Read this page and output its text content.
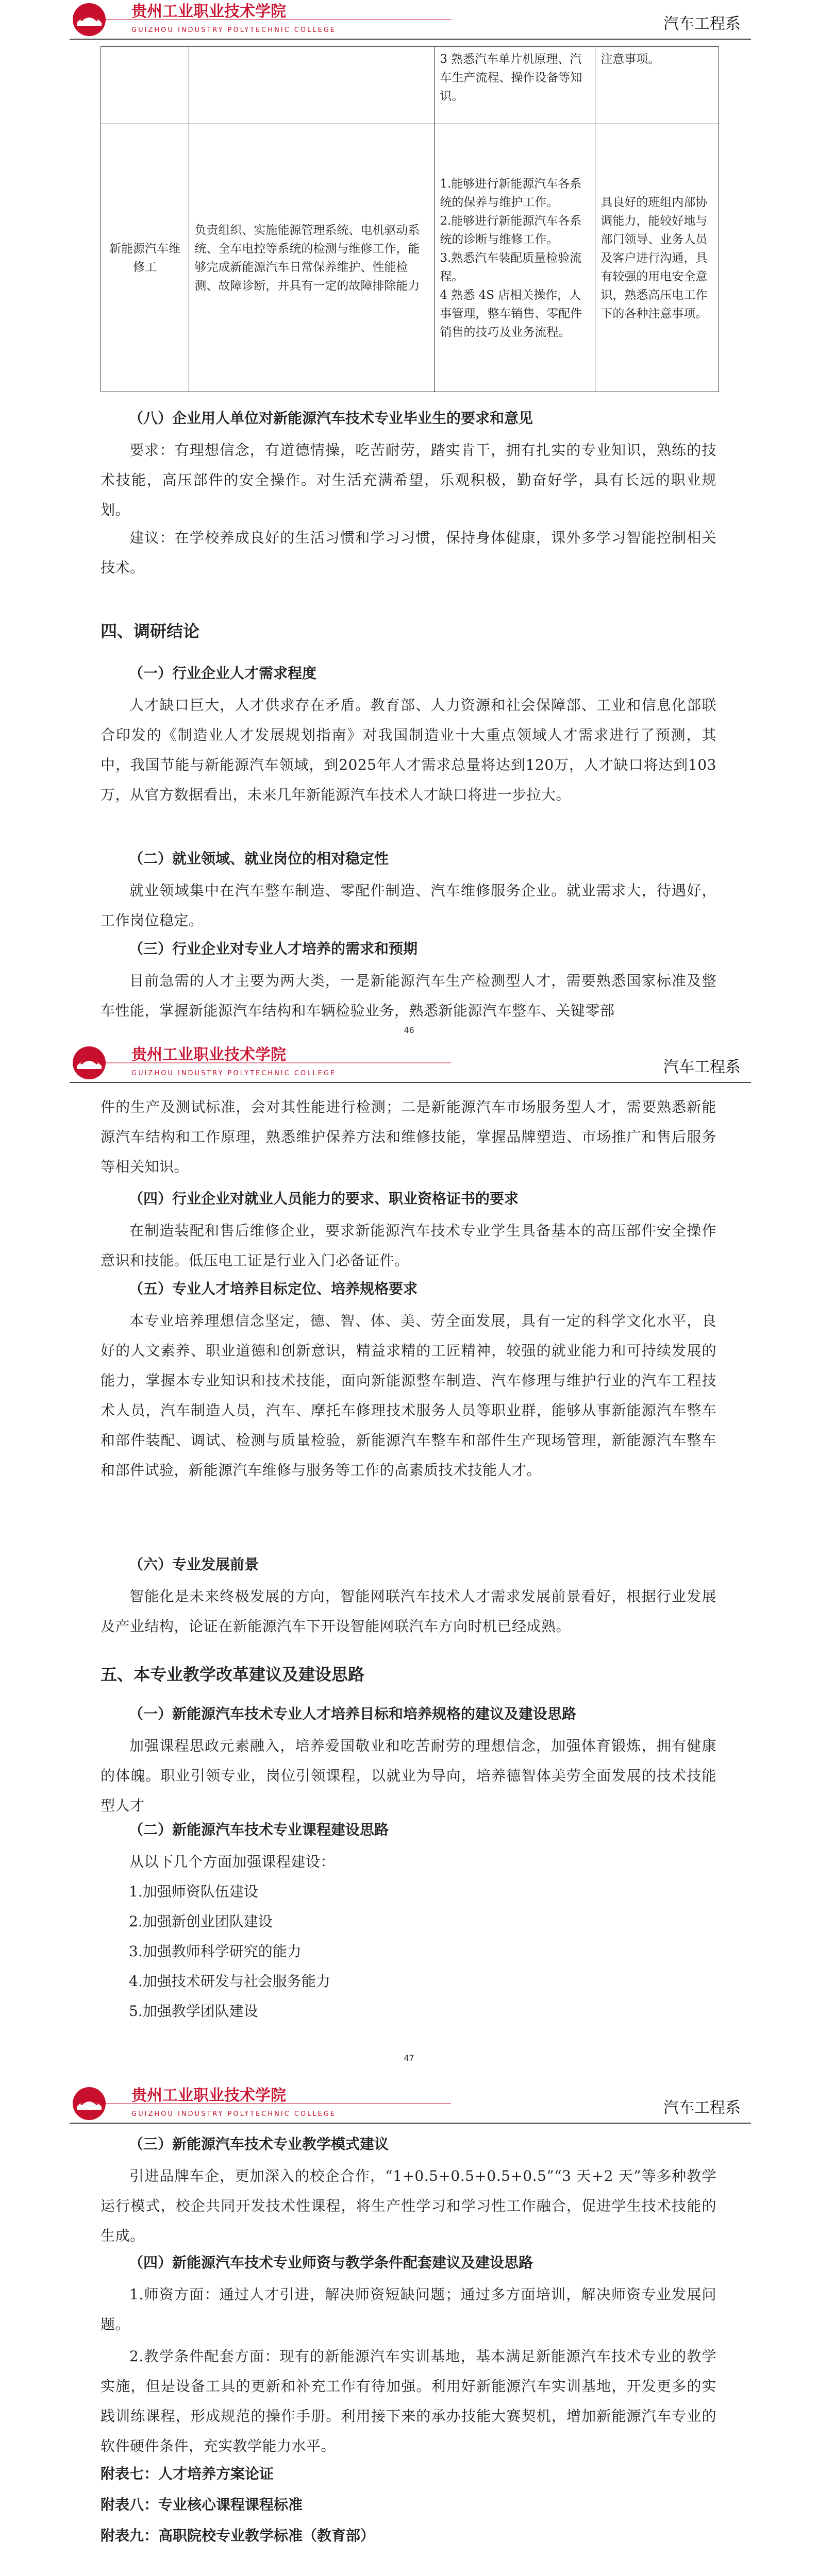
贵州工业职业技术学院
GUIZHOU INDUSTRY POLYTECHNIC COLLEGE	汽车工程系

		3 熟悉汽车单片机原理、汽车生产流程、操作设备等知识。	注意事项。

新能源汽车维修工	负责组织、实施能源管理系统、电机驱动系统、全车电控等系统的检测与维修工作，能够完成新能源汽车日常保养维护、性能检测、故障诊断，并具有一定的故障排除能力	1.能够进行新能源汽车各系统的保养与维护工作。
2.能够进行新能源汽车各系统的诊断与维修工作。
3.熟悉汽车装配质量检验流程。
4 熟悉 4S 店相关操作，人事管理，整车销售、零配件销售的技巧及业务流程。	具良好的班组内部协调能力，能较好地与部门领导、业务人员及客户进行沟通，具有较强的用电安全意识，熟悉高压电工作下的各种注意事项。
（八）企业用人单位对新能源汽车技术专业毕业生的要求和意见

要求：有理想信念，有道德情操，吃苦耐劳，踏实肯干，拥有扎实的专业知识，熟练的技术技能，高压部件的安全操作。对生活充满希望，乐观积极，勤奋好学，具有长远的职业规划。

建议：在学校养成良好的生活习惯和学习习惯，保持身体健康，课外多学习智能控制相关技术。

四、调研结论
（一）行业企业人才需求程度

人才缺口巨大，人才供求存在矛盾。教育部、人力资源和社会保障部、工业和信息化部联合印发的《制造业人才发展规划指南》对我国制造业十大重点领域人才需求进行了预测，其中，我国节能与新能源汽车领域，到2025年人才需求总量将达到120万，人才缺口将达到103万，从官方数据看出，未来几年新能源汽车技术人才缺口将进一步拉大。

（二）就业领域、就业岗位的相对稳定性

就业领域集中在汽车整车制造、零配件制造、汽车维修服务企业。就业需求大，待遇好，工作岗位稳定。

（三）行业企业对专业人才培养的需求和预期

目前急需的人才主要为两大类，一是新能源汽车生产检测型人才，需要熟悉国家标准及整车性能，掌握新能源汽车结构和车辆检验业务，熟悉新能源汽车整车、关键零部

46
贵州工业职业技术学院
GUIZHOU INDUSTRY POLYTECHNIC COLLEGE	汽车工程系

件的生产及测试标准，会对其性能进行检测；二是新能源汽车市场服务型人才，需要熟悉新能源汽车结构和工作原理，熟悉维护保养方法和维修技能，掌握品牌塑造、市场推广和售后服务等相关知识。

（四）行业企业对就业人员能力的要求、职业资格证书的要求

在制造装配和售后维修企业，要求新能源汽车技术专业学生具备基本的高压部件安全操作意识和技能。低压电工证是行业入门必备证件。

（五）专业人才培养目标定位、培养规格要求

本专业培养理想信念坚定，德、智、体、美、劳全面发展，具有一定的科学文化水平，良好的人文素养、职业道德和创新意识，精益求精的工匠精神，较强的就业能力和可持续发展的能力，掌握本专业知识和技术技能，面向新能源整车制造、汽车修理与维护行业的汽车工程技术人员，汽车制造人员，汽车、摩托车修理技术服务人员等职业群，能够从事新能源汽车整车和部件装配、调试、检测与质量检验，新能源汽车整车和部件生产现场管理，新能源汽车整车和部件试验，新能源汽车维修与服务等工作的高素质技术技能人才。

（六）专业发展前景

智能化是未来终极发展的方向，智能网联汽车技术人才需求发展前景看好，根据行业发展及产业结构，论证在新能源汽车下开设智能网联汽车方向时机已经成熟。

五、本专业教学改革建议及建设思路
（一）新能源汽车技术专业人才培养目标和培养规格的建议及建设思路

加强课程思政元素融入，培养爱国敬业和吃苦耐劳的理想信念，加强体育锻炼，拥有健康的体魄。职业引领专业，岗位引领课程，以就业为导向，培养德智体美劳全面发展的技术技能型人才

（二）新能源汽车技术专业课程建设思路

从以下几个方面加强课程建设：

1.加强师资队伍建设

2.加强新创业团队建设

3.加强教师科学研究的能力

4.加强技术研发与社会服务能力

5.加强教学团队建设

47
贵州工业职业技术学院
GUIZHOU INDUSTRY POLYTECHNIC COLLEGE	汽车工程系
（三）新能源汽车技术专业教学模式建议

引进品牌车企，更加深入的校企合作，“1+0.5+0.5+0.5+0.5”“3 天+2 天”等多种教学运行模式，校企共同开发技术性课程，将生产性学习和学习性工作融合，促进学生技术技能的生成。

（四）新能源汽车技术专业师资与教学条件配套建议及建设思路

1.师资方面：通过人才引进，解决师资短缺问题；通过多方面培训，解决师资专业发展问题。

2.教学条件配套方面：现有的新能源汽车实训基地，基本满足新能源汽车技术专业的教学实施，但是设备工具的更新和补充工作有待加强。利用好新能源汽车实训基地，开发更多的实践训练课程，形成规范的操作手册。利用接下来的承办技能大赛契机，增加新能源汽车专业的软件硬件条件，充实教学能力水平。

附表七：人才培养方案论证
附表八：专业核心课程课程标准
附表九：高职院校专业教学标准（教育部）
